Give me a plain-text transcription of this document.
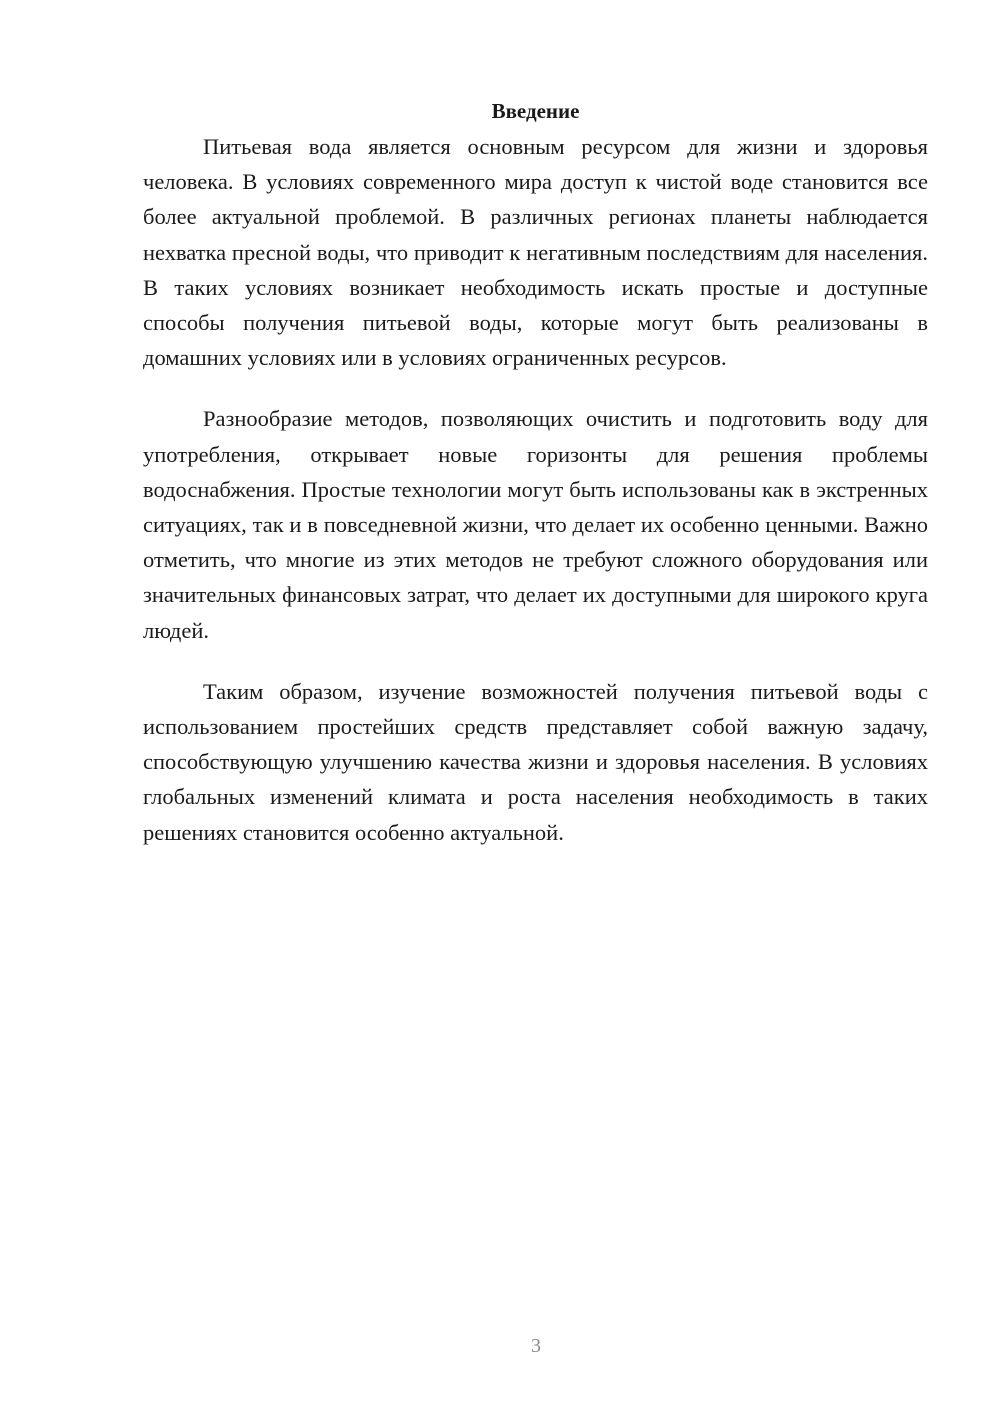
Введение

Питьевая вода является основным ресурсом для жизни и здоровья человека. В условиях современного мира доступ к чистой воде становится все более актуальной проблемой. В различных регионах планеты наблюдается нехватка пресной воды, что приводит к негативным последствиям для населения. В таких условиях возникает необходимость искать простые и доступные способы получения питьевой воды, которые могут быть реализованы в домашних условиях или в условиях ограниченных ресурсов.

Разнообразие методов, позволяющих очистить и подготовить воду для употребления, открывает новые горизонты для решения проблемы водоснабжения. Простые технологии могут быть использованы как в экстренных ситуациях, так и в повседневной жизни, что делает их особенно ценными. Важно отметить, что многие из этих методов не требуют сложного оборудования или значительных финансовых затрат, что делает их доступными для широкого круга людей.

Таким образом, изучение возможностей получения питьевой воды с использованием простейших средств представляет собой важную задачу, способствующую улучшению качества жизни и здоровья населения. В условиях глобальных изменений климата и роста населения необходимость в таких решениях становится особенно актуальной.

3
